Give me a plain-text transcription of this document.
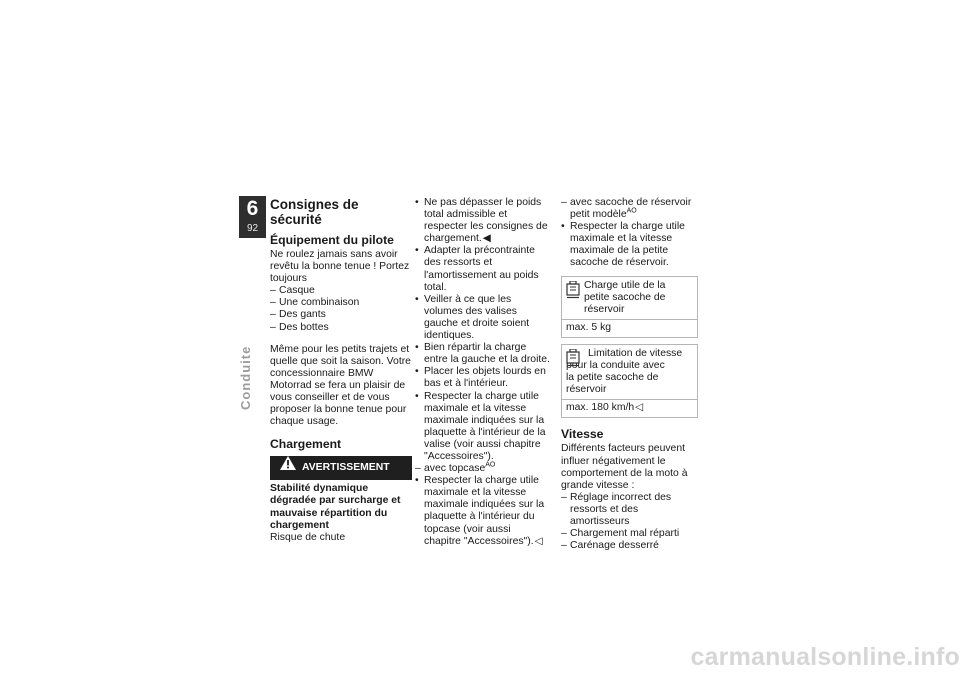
6
92
Conduite
Consignes de sécurité
Équipement du pilote

Ne roulez jamais sans avoir revêtu la bonne tenue ! Portez toujours

– Casque
– Une combinaison
– Des gants
– Des bottes

Même pour les petits trajets et quelle que soit la saison. Votre concessionnaire BMW Motorrad se fera un plaisir de vous conseiller et de vous proposer la bonne tenue pour chaque usage.

Chargement
AVERTISSEMENT

Stabilité dynamique dégradée par surcharge et mauvaise répartition du chargement

Risque de chute

• Ne pas dépasser le poids total admissible et respecter les consignes de chargement.◀
• Adapter la précontrainte des ressorts et l'amortissement au poids total.
• Veiller à ce que les volumes des valises gauche et droite soient identiques.
• Bien répartir la charge entre la gauche et la droite.
• Placer les objets lourds en bas et à l'intérieur.
• Respecter la charge utile maximale et la vitesse maximale indiquées sur la plaquette à l'intérieur de la valise (voir aussi chapitre "Accessoires").
– avec topcase$^{AO}$
• Respecter la charge utile maximale et la vitesse maximale indiquées sur la plaquette à l'intérieur du topcase (voir aussi chapitre "Accessoires").◁
– avec sacoche de réservoir petit modèle$^{AO}$
• Respecter la charge utile maximale et la vitesse maximale de la petite sacoche de réservoir.
Charge utile de la petite sacoche de réservoir
max. 5 kg
Limitation de vitesse pour la conduite avec
la petite sacoche de réservoir
max. 180 km/h◁
Vitesse

Différents facteurs peuvent influer négativement le comportement de la moto à grande vitesse :

– Réglage incorrect des ressorts et des amortisseurs
– Chargement mal réparti
– Carénage desserré
carmanualsonline.info
